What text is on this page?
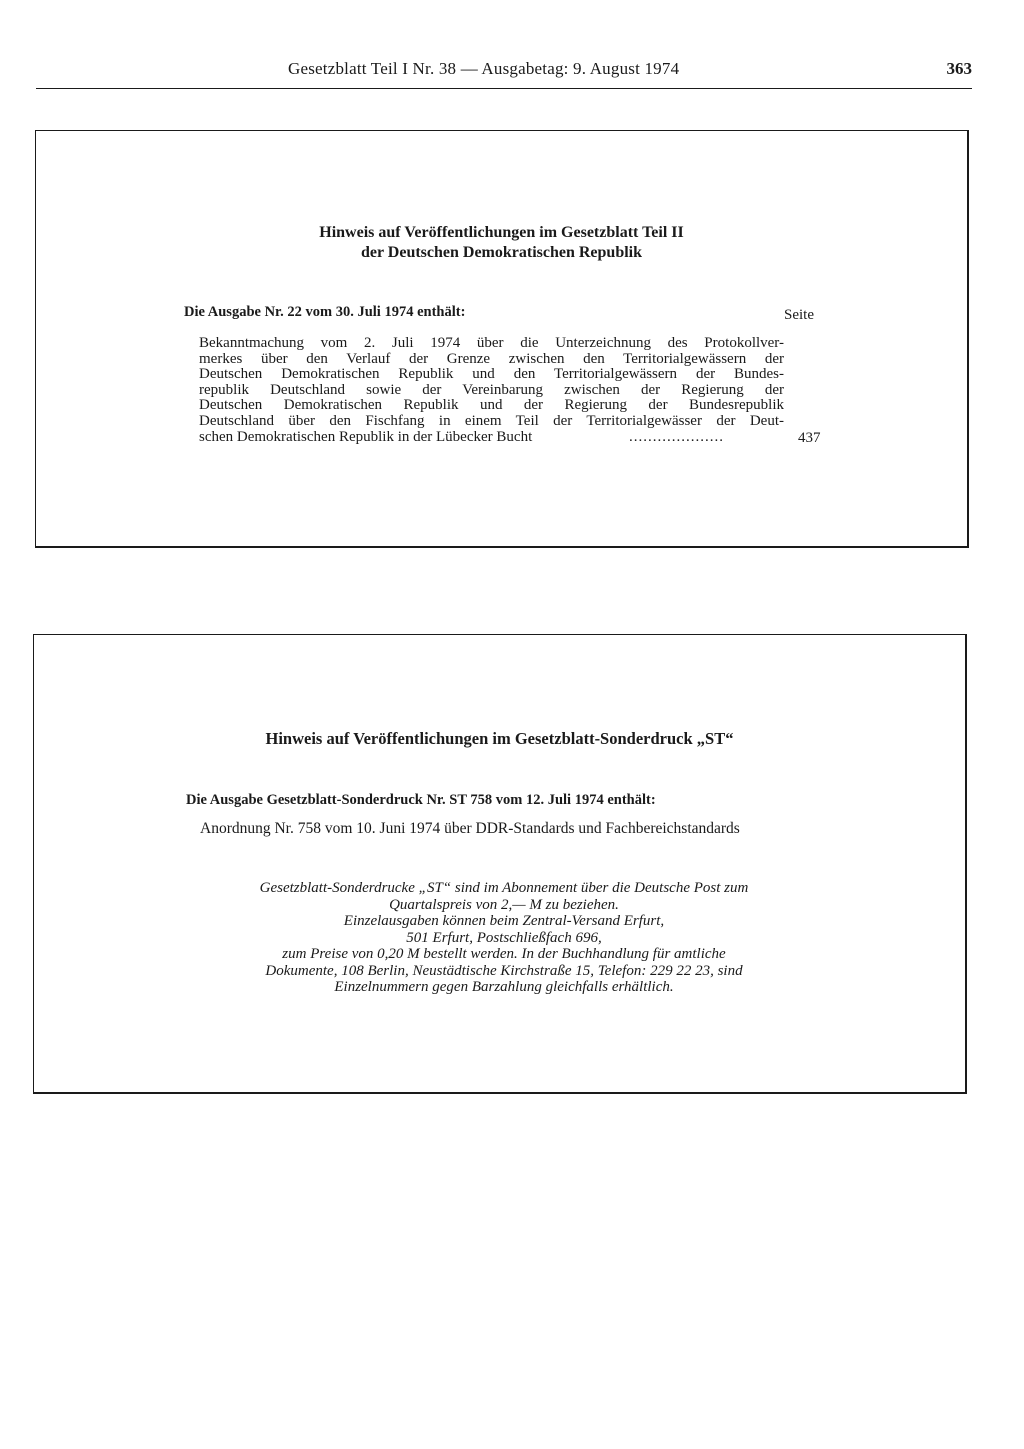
Gesetzblatt Teil I Nr. 38 — Ausgabetag: 9. August 1974	363
Hinweis auf Veröffentlichungen im Gesetzblatt Teil II
der Deutschen Demokratischen Republik
Die Ausgabe Nr. 22 vom 30. Juli 1974 enthält:	Seite
Bekanntmachung vom 2. Juli 1974 über die Unterzeichnung des Protokollver-
merkes über den Verlauf der Grenze zwischen den Territorialgewässern der
Deutschen Demokratischen Republik und den Territorialgewässern der Bundes-
republik Deutschland sowie der Vereinbarung zwischen der Regierung der
Deutschen Demokratischen Republik und der Regierung der Bundesrepublik
Deutschland über den Fischfang in einem Teil der Territorialgewässer der Deut-
schen Demokratischen Republik in der Lübecker Bucht	....................	437
Hinweis auf Veröffentlichungen im Gesetzblatt-Sonderdruck „ST“
Die Ausgabe Gesetzblatt-Sonderdruck Nr. ST 758 vom 12. Juli 1974 enthält:
Anordnung Nr. 758 vom 10. Juni 1974 über DDR-Standards und Fachbereichstandards
Gesetzblatt-Sonderdrucke „ST“ sind im Abonnement über die Deutsche Post zum
Quartalspreis von 2,— M zu beziehen.
Einzelausgaben können beim Zentral-Versand Erfurt,
501 Erfurt, Postschließfach 696,
zum Preise von 0,20 M bestellt werden. In der Buchhandlung für amtliche
Dokumente, 108 Berlin, Neustädtische Kirchstraße 15, Telefon: 229 22 23, sind
Einzelnummern gegen Barzahlung gleichfalls erhältlich.
